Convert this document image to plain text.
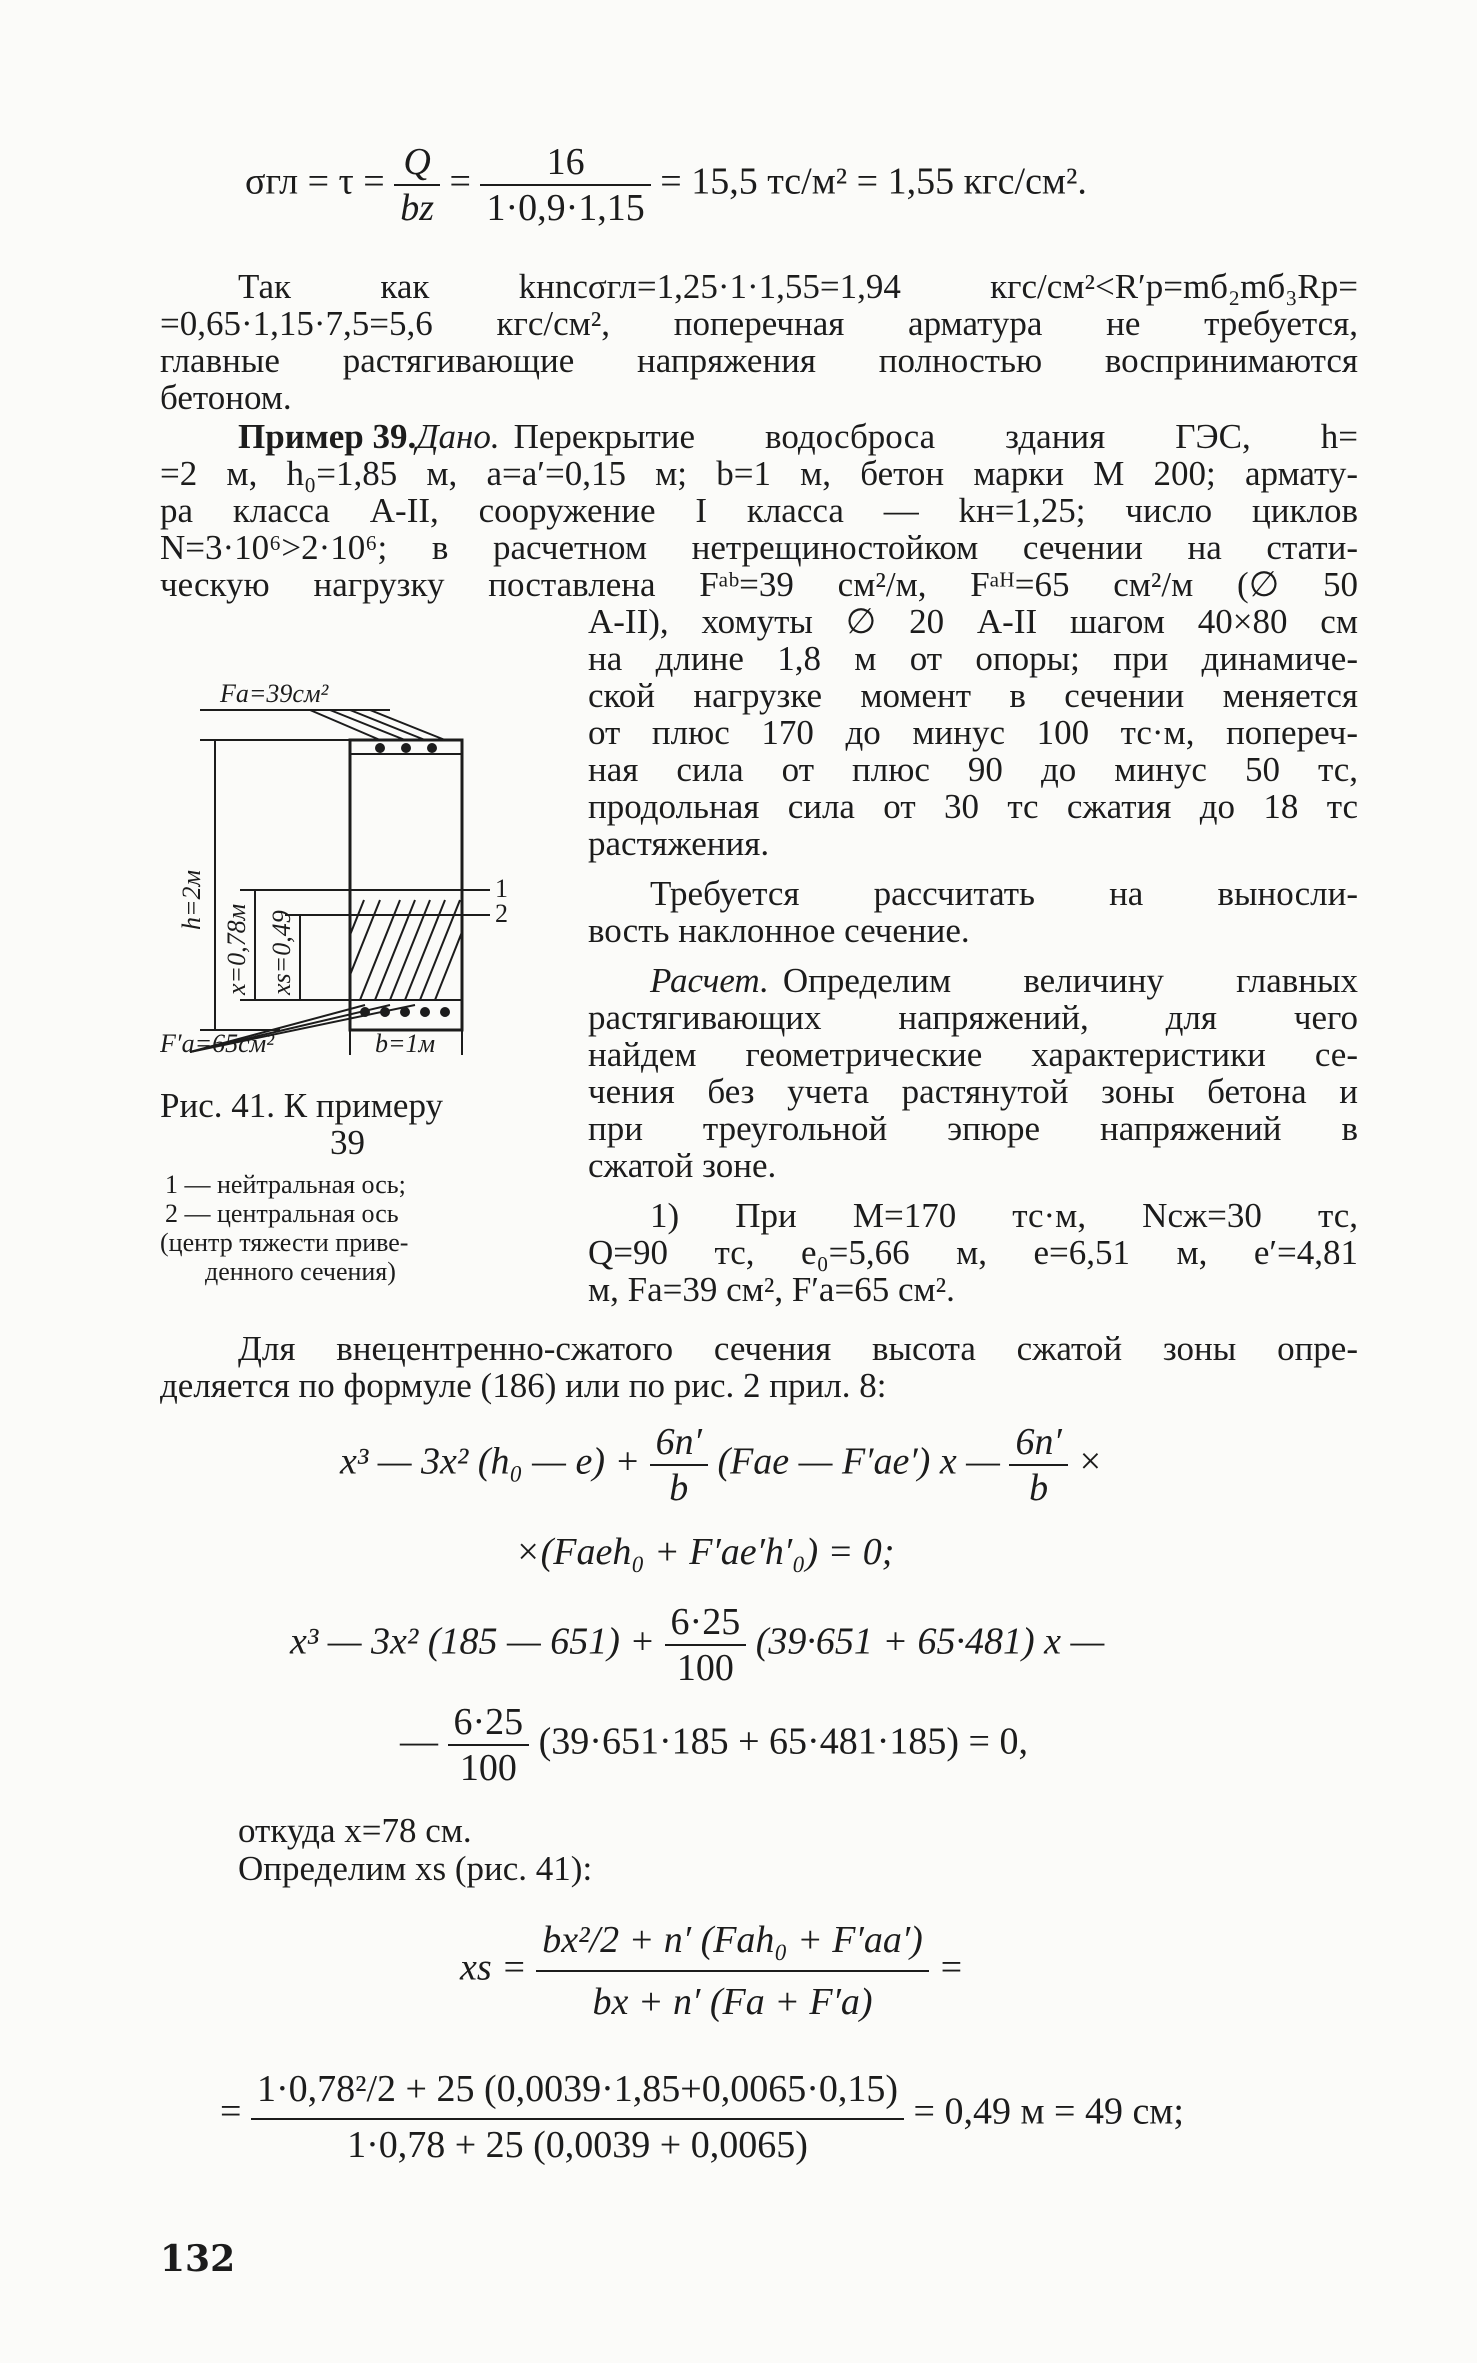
$\sigma гл = \tau = \frac{Q}{bz} = \frac{16}{1\cdot 0,9\cdot 1,15} = 15,5$ тс/м² = 1,55 кгс/см².
Так как kнnсσгл=1,25·1·1,55=1,94 кгс/см²<R′р=mб₂mб₃Rр=
=0,65·1,15·7,5=5,6 кгс/см², поперечная арматура не требуется,
главные растягивающие напряжения полностью воспринимаются
бетоном.
Пример 39. Дано. Перекрытие водосброса здания ГЭС, h=
=2 м, h₀=1,85 м, a=a′=0,15 м; b=1 м, бетон марки М 200; армату-
ра класса А-II, сооружение I класса — kн=1,25; число циклов
N=3·10⁶>2·10⁶; в расчетном нетрещиностойком сечении на стати-
ческую нагрузку поставлена Fᵃᵇ=39 см²/м, Fᵃᴴ=65 см²/м (∅ 50
А-II), хомуты ∅ 20 А-II шагом 40×80 см
на длине 1,8 м от опоры; при динамиче-
ской нагрузке момент в сечении меняется
от плюс 170 до минус 100 тс·м, попереч-
ная сила от плюс 90 до минус 50 тс,
продольная сила от 30 тс сжатия до 18 тс
растяжения.
Требуется рассчитать на выносли-
вость наклонное сечение.
Расчет. Определим величину главных
растягивающих напряжений, для чего
найдем геометрические характеристики се-
чения без учета растянутой зоны бетона и
при треугольной эпюре напряжений в
сжатой зоне.
1) При M=170 тс·м, Nсж=30 тс,
Q=90 тс, e₀=5,66 м, e=6,51 м, e′=4,81
м, Fа=39 см², F′а=65 см².
Fa=39см²
F′a=65см²
h=2м
x=0,78м xs=0,49
b=1м
1
2
Рис. 41. К примеру
39
1 — нейтральная ось;
2 — центральная ось
(центр тяжести приве-
денного сечения)
Для внецентренно-сжатого сечения высота сжатой зоны опре-
деляется по формуле (186) или по рис. 2 прил. 8:
x³ — 3x² (h₀ — $e) + \frac{6n'}{b} (Fаe$ — F′аe′) x — $\frac{6n'}{b}$ ×
×(Fаeh₀ + F′аe′h′₀) = 0;
x³ — 3x² (185 — $651) + \frac{6\cdot 25}{100} (39\cdot 651 + 65\cdot 481)$ x —
— $\frac{6\cdot 25}{100} (39\cdot 651\cdot 185 + 65\cdot 481\cdot 185) = 0$,
откуда x=78 см.
Определим xs (рис. 41):
xs = $\frac{\text{bx²/2 + n′ (Fаh₀ + F′аa′)}}{bx + n' (Fа + F'а)}$ =
= $\frac{\text{1·0,78²/2 + 25 (0,0039·1,85+0,0065·0,15)}}{1\cdot 0,78 + 25 (0,0039 + 0,0065)} = 0,49$ м = 49 см;
132
